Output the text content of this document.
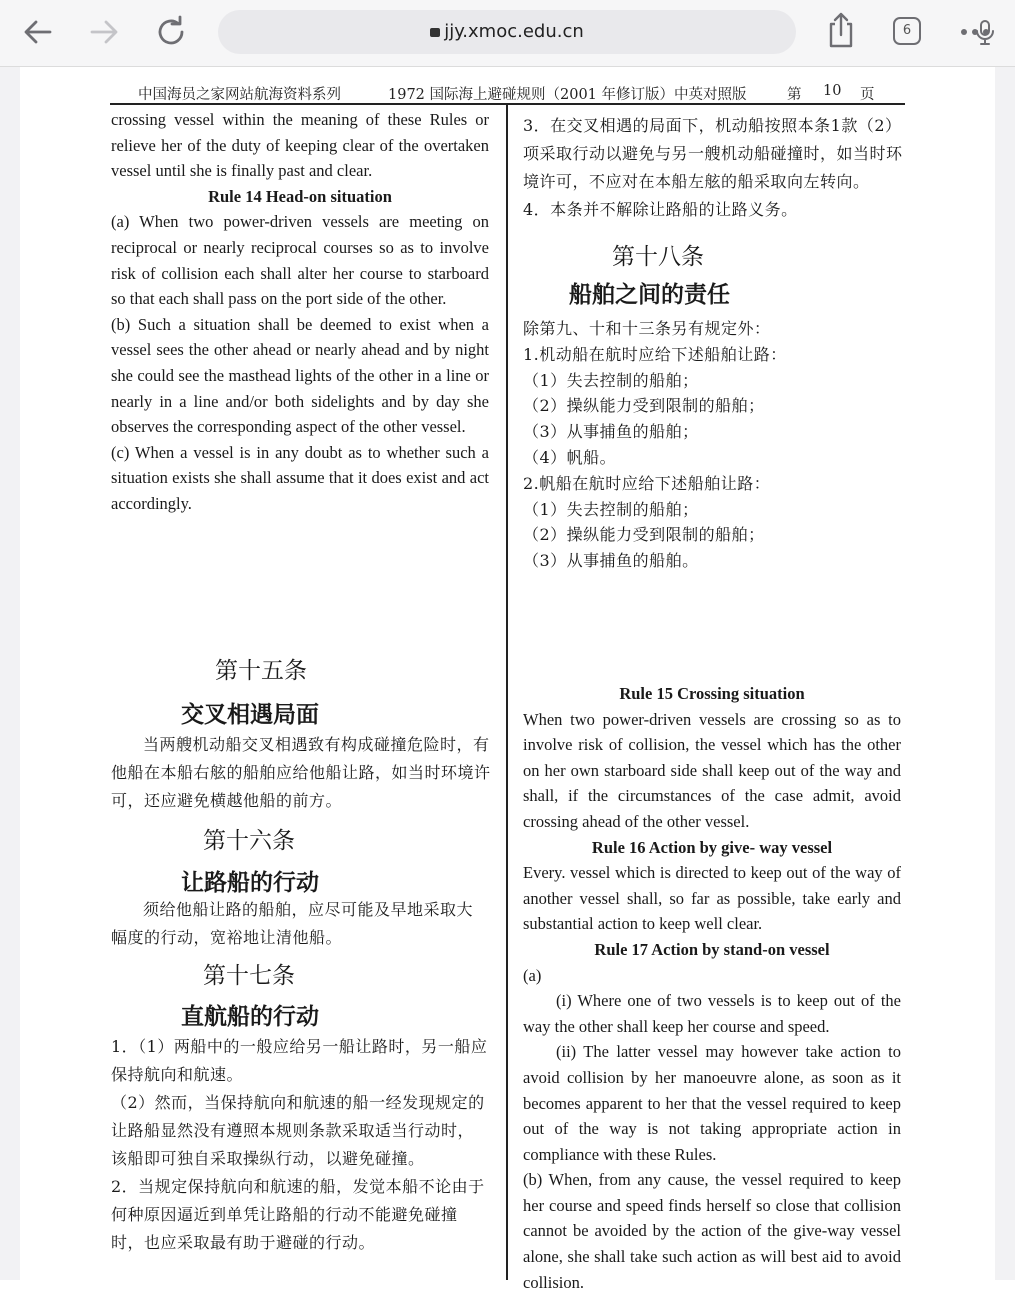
jjy.xmoc.edu.cn	6
中国海员之家网站航海资料系列	1972 国际海上避碰规则（2001 年修订版）中英对照版	第 10 页

crossing vessel within the meaning of these Rules or relieve her of the duty of keeping clear of the overtaken vessel until she is finally past and clear.

Rule 14 Head-on situation

(a) When two power-driven vessels are meeting on reciprocal or nearly reciprocal courses so as to involve risk of collision each shall alter her course to starboard so that each shall pass on the port side of the other.

(b) Such a situation shall be deemed to exist when a vessel sees the other ahead or nearly ahead and by night she could see the masthead lights of the other in a line or nearly in a line and/or both sidelights and by day she observes the corresponding aspect of the other vessel.

(c) When a vessel is in any doubt as to whether such a situation exists she shall assume that it does exist and act accordingly.

第十五条
交叉相遇局面
当两艘机动船交叉相遇致有构成碰撞危险时，有他船在本船右舷的船舶应给他船让路，如当时环境许可，还应避免横越他船的前方。
第十六条
让路船的行动
须给他船让路的船舶，应尽可能及早地采取大幅度的行动，宽裕地让清他船。
第十七条
直航船的行动

1．（1）两船中的一般应给另一船让路时，另一船应保持航向和航速。

（2）然而，当保持航向和航速的船一经发现规定的让路船显然没有遵照本规则条款采取适当行动时，该船即可独自采取操纵行动，以避免碰撞。

2．当规定保持航向和航速的船，发觉本船不论由于何种原因逼近到单凭让路船的行动不能避免碰撞时，也应采取最有助于避碰的行动。

3．在交叉相遇的局面下，机动船按照本条1款（2）项采取行动以避免与另一艘机动船碰撞时，如当时环境许可，不应对在本船左舷的船采取向左转向。

4．本条并不解除让路船的让路义务。

第十八条
船舶之间的责任

除第九、十和十三条另有规定外：

1.机动船在航时应给下述船舶让路：

（1）失去控制的船舶；

（2）操纵能力受到限制的船舶；

（3）从事捕鱼的船舶；

（4）帆船。

2.帆船在航时应给下述船舶让路：

（1）失去控制的船舶；

（2）操纵能力受到限制的船舶；

（3）从事捕鱼的船舶。

Rule 15 Crossing situation

When two power-driven vessels are crossing so as to involve risk of collision, the vessel which has the other on her own starboard side shall keep out of the way and shall, if the circumstances of the case admit, avoid crossing ahead of the other vessel.

Rule 16 Action by give- way vessel

Every. vessel which is directed to keep out of the way of another vessel shall, so far as possible, take early and substantial action to keep well clear.

Rule 17 Action by stand-on vessel

(a)

(i) Where one of two vessels is to keep out of the way the other shall keep her course and speed.

(ii) The latter vessel may however take action to avoid collision by her manoeuvre alone, as soon as it becomes apparent to her that the vessel required to keep out of the way is not taking appropriate action in compliance with these Rules.

(b) When, from any cause, the vessel required to keep her course and speed finds herself so close that collision cannot be avoided by the action of the give-way vessel alone, she shall take such action as will best aid to avoid collision.
